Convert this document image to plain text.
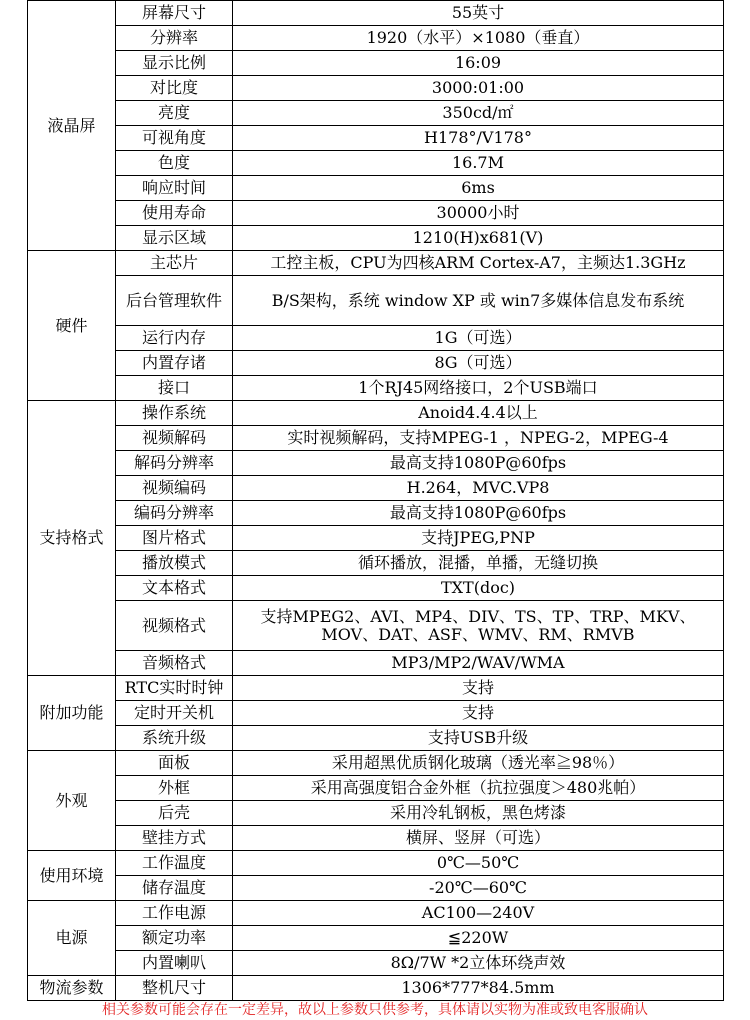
液晶屏	屏幕尺寸	55英寸
	分辨率	1920（水平）×1080（垂直）
	显示比例	16:09
	对比度	3000:01:00
	亮度	350cd/㎡
	可视角度	H178°/V178°
	色度	16.7M
	响应时间	6ms
	使用寿命	30000小时
	显示区域	1210(H)x681(V)
硬件	主芯片	工控主板，CPU为四核ARM Cortex-A7，主频达1.3GHz
	后台管理软件	B/S架构，系统 window XP 或 win7多媒体信息发布系统
	运行内存	1G（可选）
	内置存诸	8G（可选）
	接口	1个RJ45网络接口，2个USB端口
支持格式	操作系统	Anoid4.4.4以上
	视频解码	实时视频解码，支持MPEG-1 ，NPEG-2，MPEG-4
	解码分辨率	最高支持1080P@60fps
	视频编码	H.264，MVC.VP8
	编码分辨率	最高支持1080P@60fps
	图片格式	支持JPEG,PNP
	播放模式	循环播放，混播，单播，无缝切换
	文本格式	TXT(doc)
	视频格式	支持MPEG2、AVI、MP4、DIV、TS、TP、TRP、MKV、MOV、DAT、ASF、WMV、RM、RMVB
	音频格式	MP3/MP2/WAV/WMA
附加功能	RTC实时时钟	支持
	定时开关机	支持
	系统升级	支持USB升级
外观	面板	采用超黑优质钢化玻璃（透光率≧98％）
	外框	采用高强度铝合金外框（抗拉强度＞480兆帕）
	后壳	采用冷轧钢板，黑色烤漆
	壁挂方式	横屏、竖屏（可选）
使用环境	工作温度	0℃—50℃
	储存温度	-20℃—60℃
电源	工作电源	AC100—240V
	额定功率	≦220W
	内置喇叭	8Ω/7W *2立体环绕声效
物流参数	整机尺寸	1306*777*84.5mm
相关参数可能会存在一定差异，故以上参数只供参考，具体请以实物为准或致电客服确认
